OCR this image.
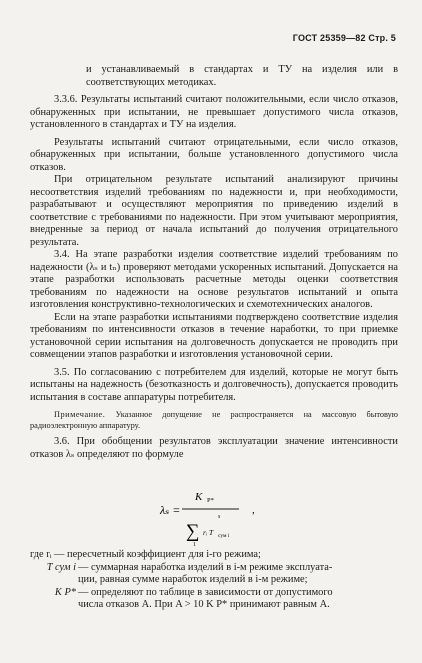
ГОСТ 25359—82 Стр. 5

и устанавливаемый в стандартах и ТУ на изделия или в соответствующих методиках.

3.3.6. Результаты испытаний считают положительными, если число отказов, обнаруженных при испытании, не превышает допустимого числа отказов, установленного в стандартах и ТУ на изделия.

Результаты испытаний считают отрицательными, если число отказов, обнаруженных при испытании, больше установленного допустимого числа отказов.

При отрицательном результате испытаний анализируют причины несоответствия изделий требованиям по надежности и, при необходимости, разрабатывают и осуществляют мероприятия по приведению изделий в соответствие с требованиями по надежности. При этом учитывают мероприятия, внедренные за период от начала испытаний до получения отрицательного результата.

3.4. На этапе разработки изделия соответствие изделий требованиям по надежности (λₛ и tₙ) проверяют методами ускоренных испытаний. Допускается на этапе разработки использовать расчетные методы оценки соответствия требованиям по надежности на основе результатов испытаний и опыта изготовления конструктивно-технологических и схемотехнических аналогов.

Если на этапе разработки испытаниями подтверждено соответствие изделия требованиям по интенсивности отказов в течение наработки, то при приемке установочной серии испытания на долговечность допускается не проводить при совмещении этапов разработки и изготовления установочной серии.

3.5. По согласованию с потребителем для изделий, которые не могут быть испытаны на надежность (безотказность и долговечность), допускается проводить испытания в составе аппаратуры потребителя.

Примечание. Указанное допущение не распространяется на массовую бытовую радиоэлектронную аппаратуру.

3.6. При обобщении результатов эксплуатации значение интенсивности отказов λₛ определяют по формуле

λₛ =
K P*
s
∑ rᵢ T сум i
1
,
где rᵢ — пересчетный коэффициент для i-го режима;
T сум i — суммарная наработка изделий в i-м режиме эксплуата-
ции, равная сумме наработок изделий в i-м режиме;
K P* — определяют по таблице в зависимости от допустимого
числа отказов A. При A > 10 K P* принимают равным A.
